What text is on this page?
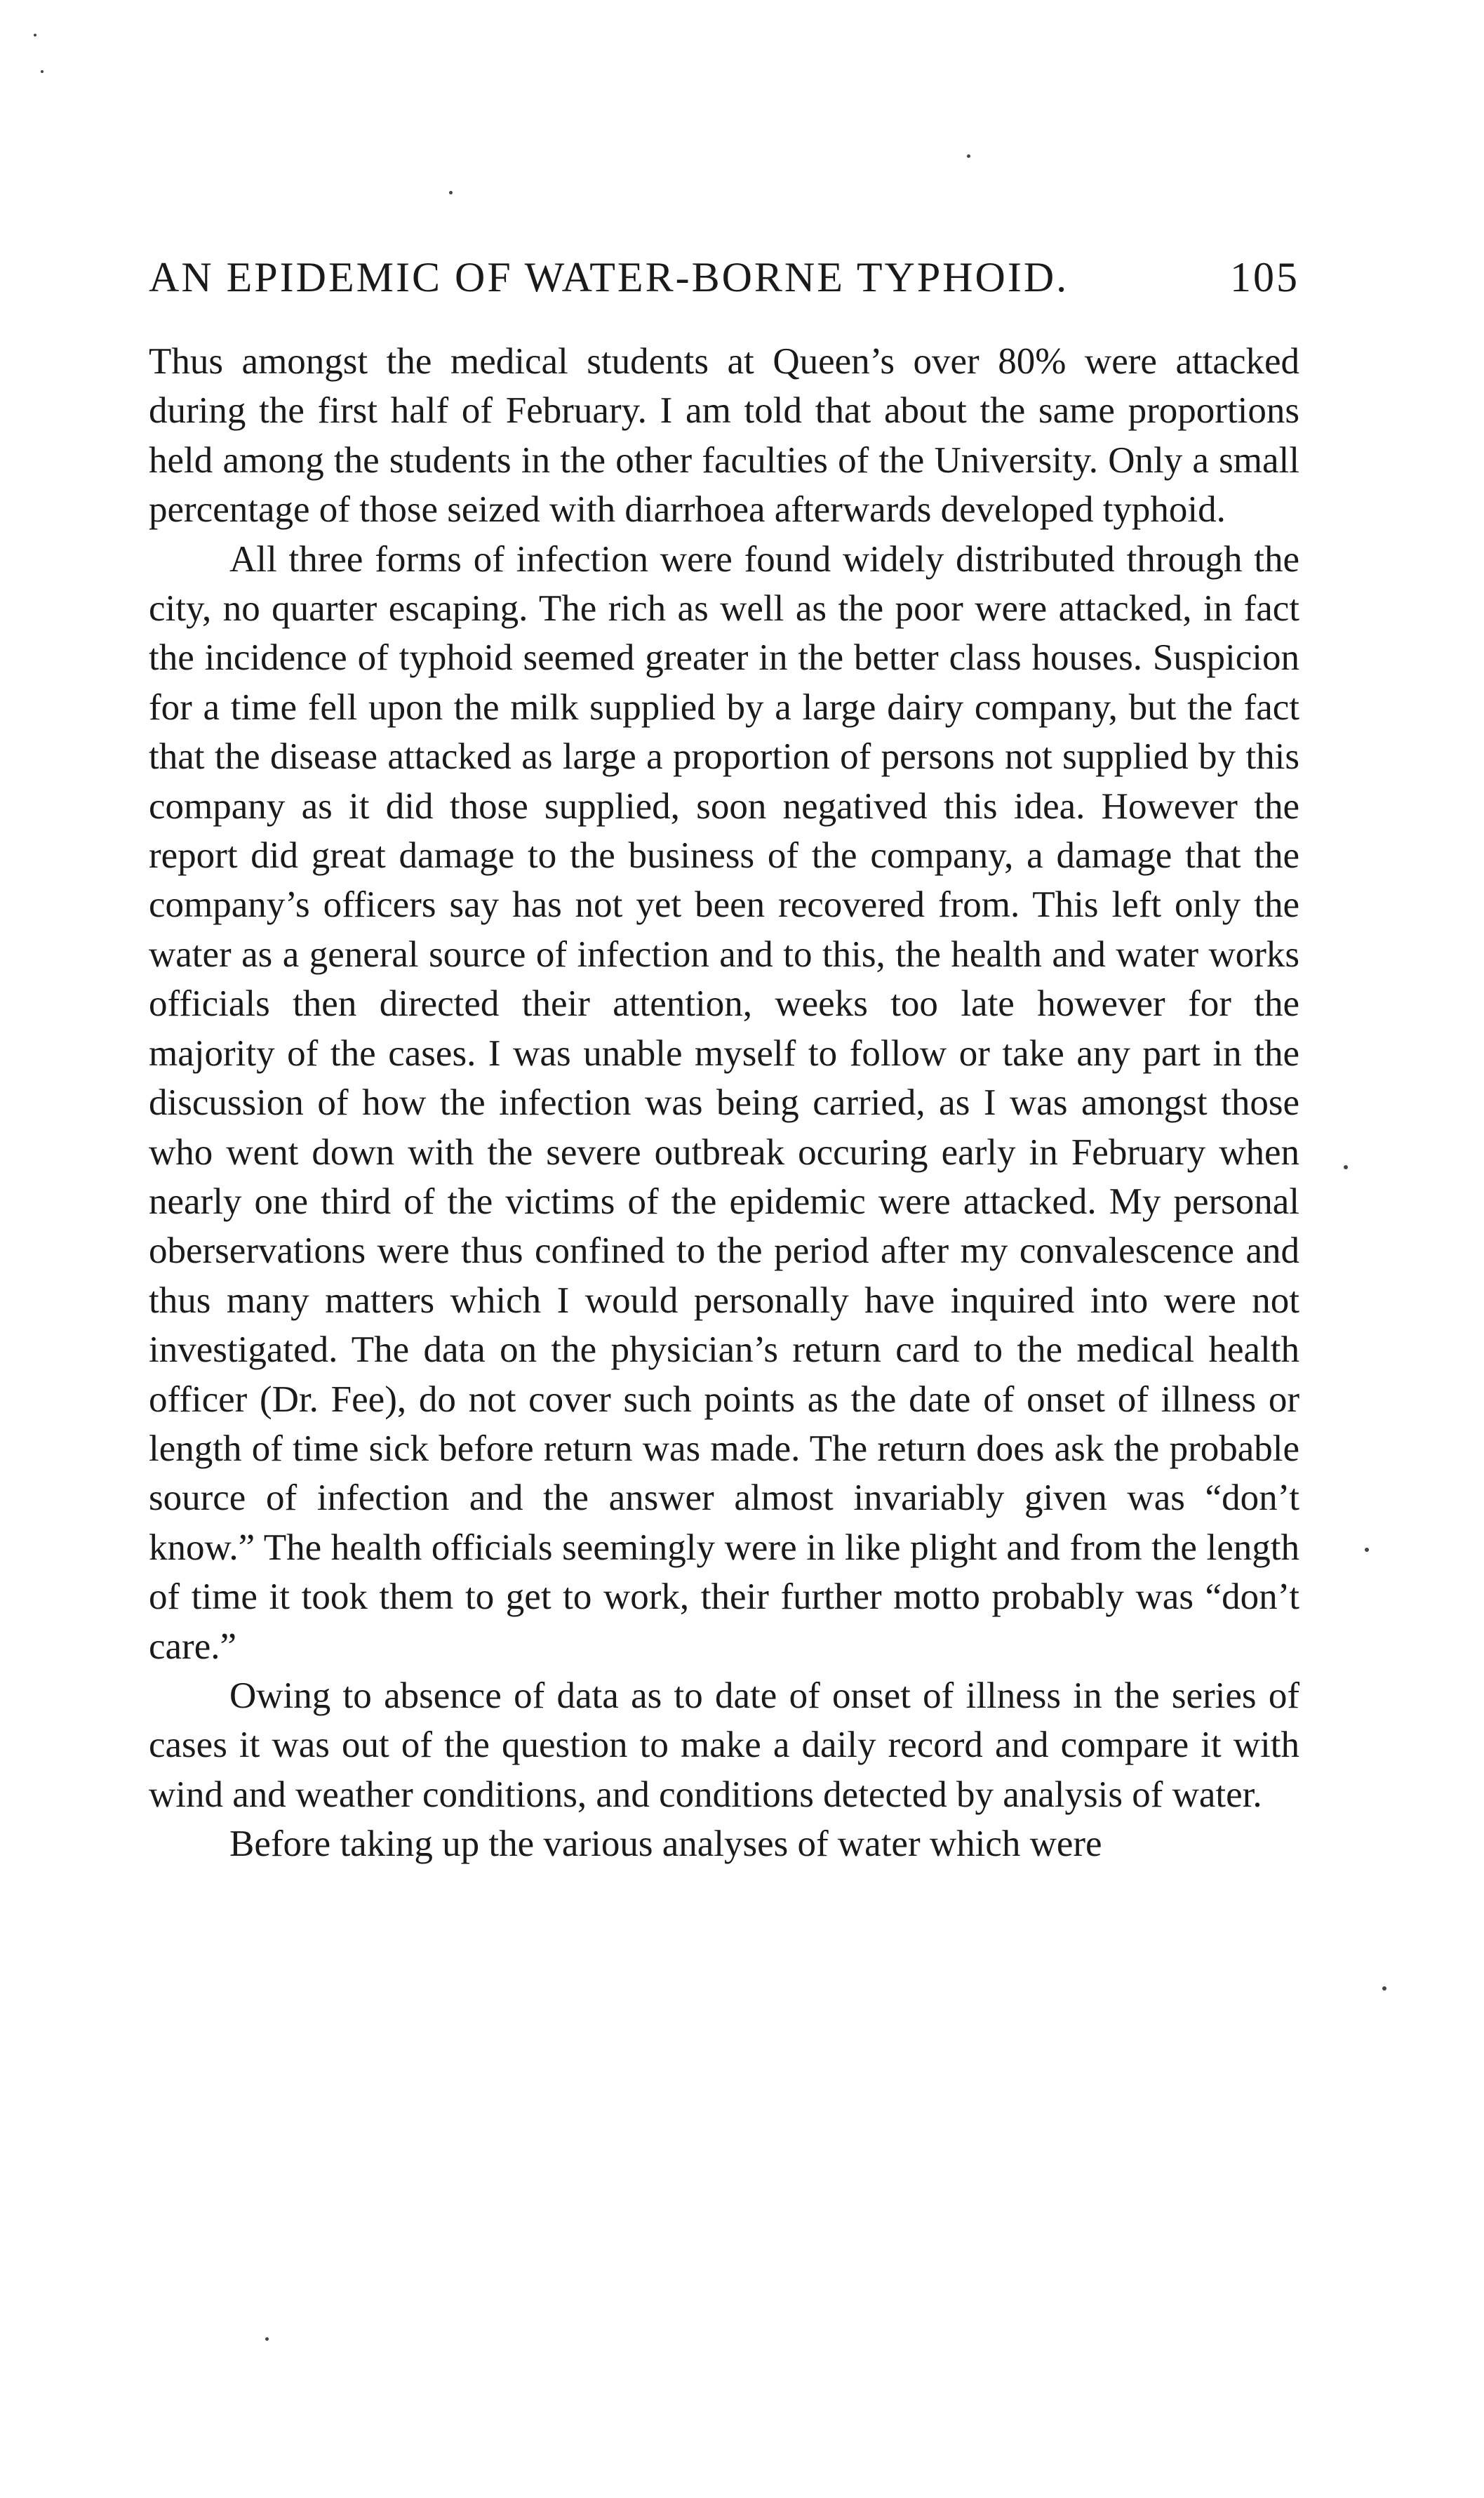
AN EPIDEMIC OF WATER-BORNE TYPHOID.	105

Thus amongst the medical students at Queen’s over 80% were attacked during the first half of February. I am told that about the same proportions held among the students in the other faculties of the University. Only a small percentage of those seized with diarrhoea afterwards developed typhoid.

All three forms of infection were found widely distributed through the city, no quarter escaping. The rich as well as the poor were attacked, in fact the incidence of typhoid seemed greater in the better class houses. Suspicion for a time fell upon the milk supplied by a large dairy company, but the fact that the disease attacked as large a proportion of persons not supplied by this company as it did those supplied, soon negatived this idea. However the report did great damage to the business of the company, a damage that the company’s officers say has not yet been recovered from. This left only the water as a general source of infection and to this, the health and water works officials then directed their attention, weeks too late however for the majority of the cases. I was unable myself to follow or take any part in the discussion of how the infection was being carried, as I was amongst those who went down with the severe outbreak occuring early in February when nearly one third of the victims of the epidemic were attacked. My personal oberservations were thus confined to the period after my convalescence and thus many matters which I would personally have inquired into were not investigated. The data on the physician’s return card to the medical health officer (Dr. Fee), do not cover such points as the date of onset of illness or length of time sick before return was made. The return does ask the probable source of infection and the answer almost invariably given was “don’t know.” The health officials seemingly were in like plight and from the length of time it took them to get to work, their further motto probably was “don’t care.”

Owing to absence of data as to date of onset of illness in the series of cases it was out of the question to make a daily record and compare it with wind and weather conditions, and conditions detected by analysis of water.

Before taking up the various analyses of water which were
